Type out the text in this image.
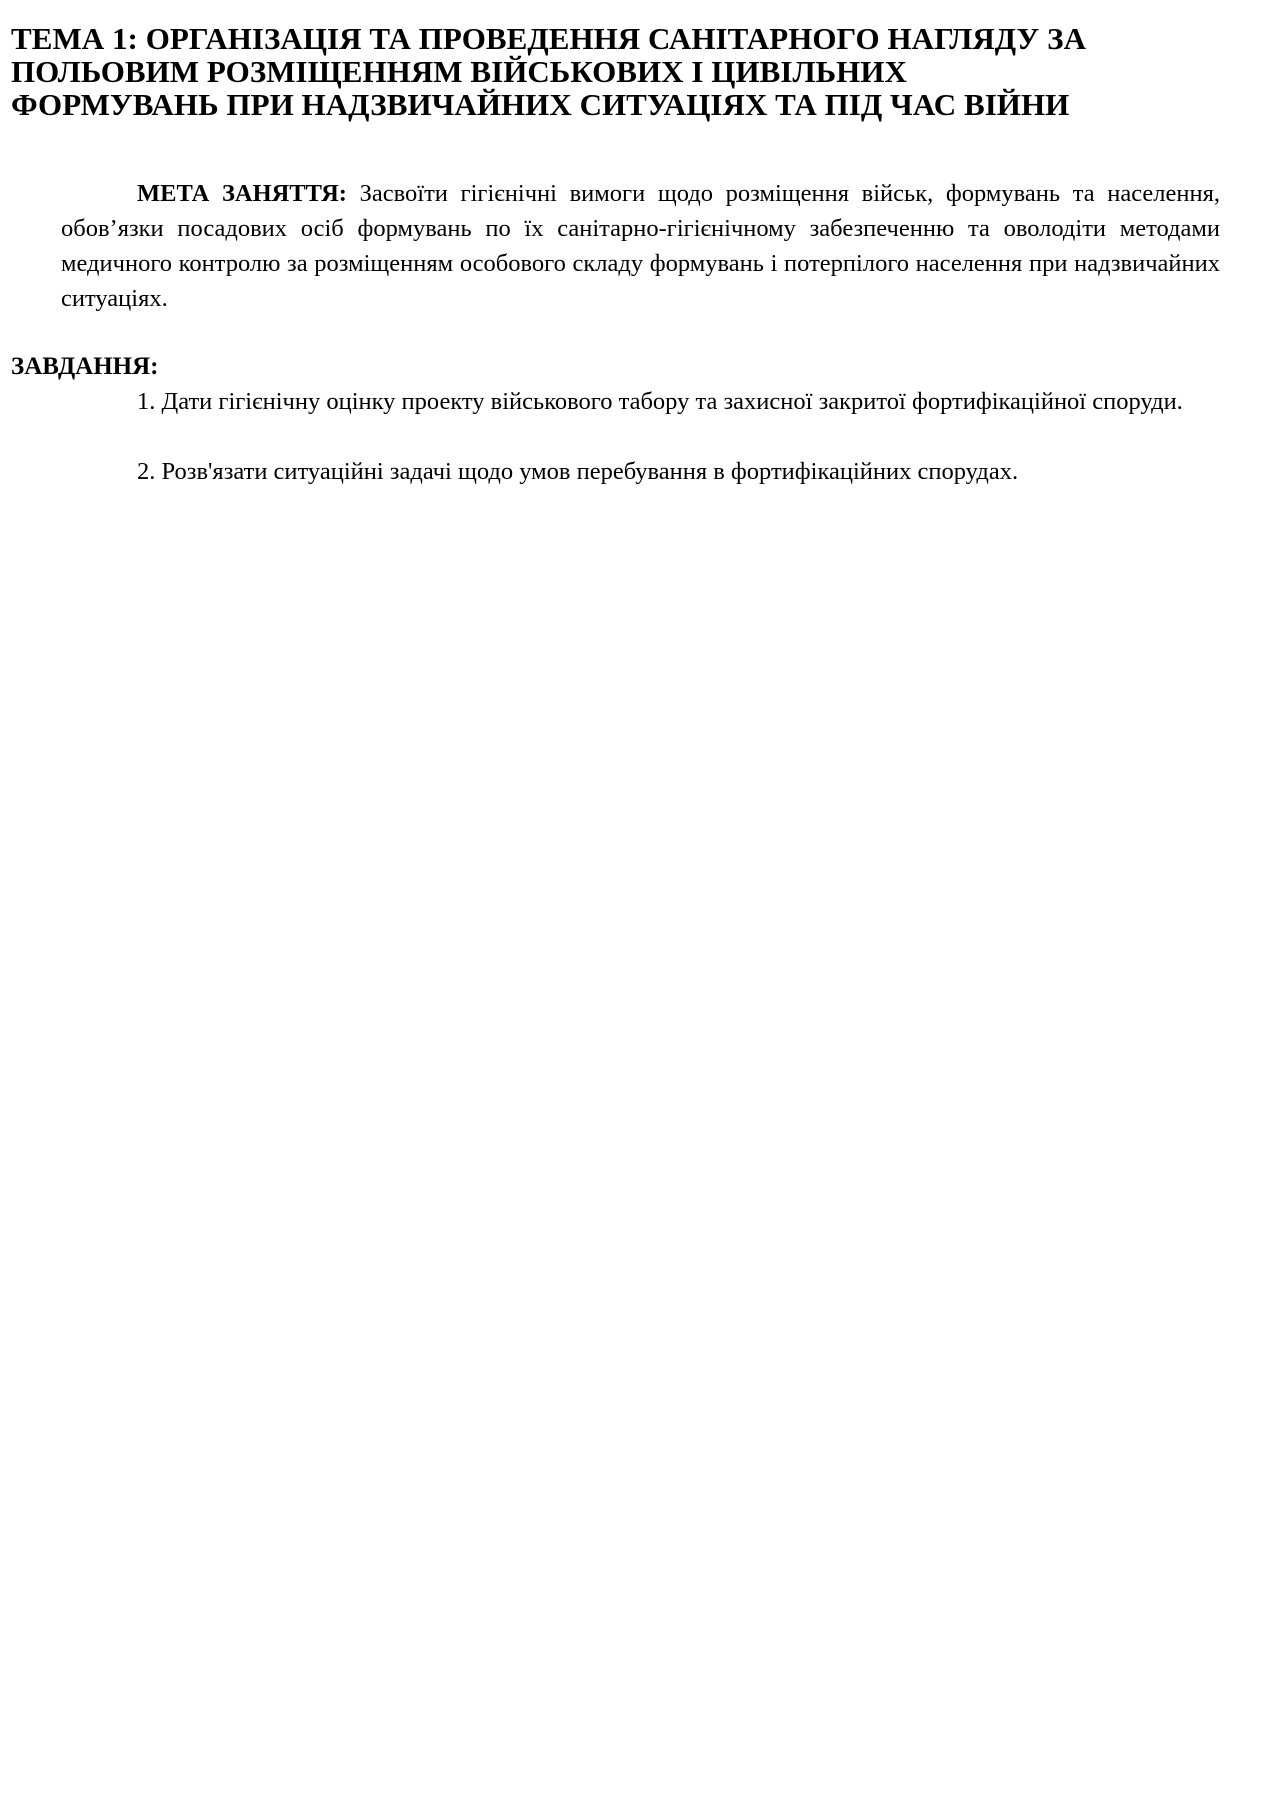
ТЕМА 1: ОРГАНІЗАЦІЯ ТА ПРОВЕДЕННЯ САНІТАРНОГО НАГЛЯДУ ЗА
ПОЛЬОВИМ РОЗМІЩЕННЯМ ВІЙСЬКОВИХ І ЦИВІЛЬНИХ
ФОРМУВАНЬ ПРИ НАДЗВИЧАЙНИХ СИТУАЦІЯХ ТА ПІД ЧАС ВІЙНИ

МЕТА ЗАНЯТТЯ: Засвоїти гігієнічні вимоги щодо розміщення військ, формувань та населення, обов’язки посадових осіб формувань по їх санітарно-гігієнічному забезпеченню та оволодіти методами медичного контролю за розміщенням особового складу формувань і потерпілого населення при надзвичайних ситуаціях.

ЗАВДАННЯ:

1. Дати гігієнічну оцінку проекту військового табору та захисної закритої фортифікаційної споруди.

2. Розв'язати ситуаційні задачі щодо умов перебування в фортифікаційних спорудах.
